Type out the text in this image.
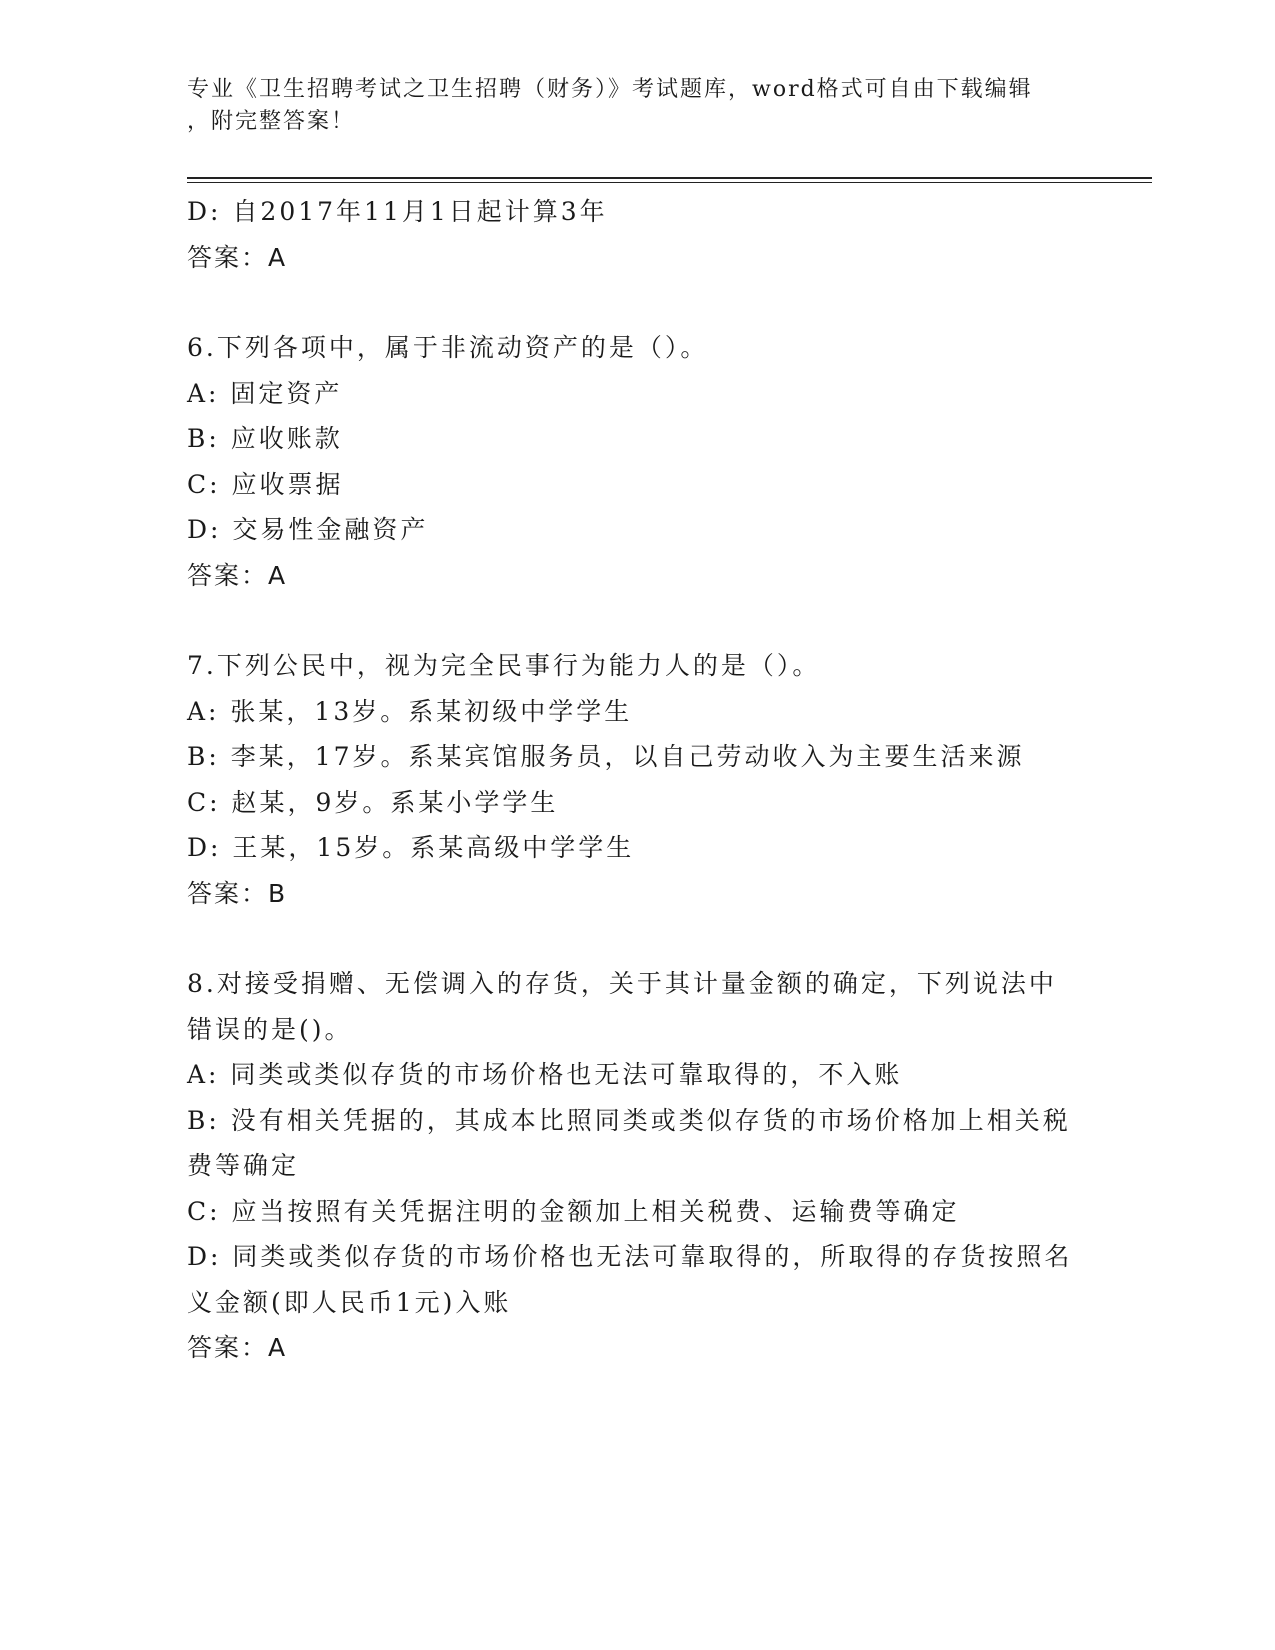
专业《卫生招聘考试之卫生招聘（财务）》考试题库，word格式可自由下载编辑
，附完整答案！
D: 自2017年11月1日起计算3年
答案：A
6.下列各项中，属于非流动资产的是（）。
A: 固定资产
B: 应收账款
C: 应收票据
D: 交易性金融资产
答案：A
7.下列公民中，视为完全民事行为能力人的是（）。
A: 张某，13岁。系某初级中学学生
B: 李某，17岁。系某宾馆服务员，以自己劳动收入为主要生活来源
C: 赵某，9岁。系某小学学生
D: 王某，15岁。系某高级中学学生
答案：B
8.对接受捐赠、无偿调入的存货，关于其计量金额的确定，下列说法中错误的是()。
A: 同类或类似存货的市场价格也无法可靠取得的，不入账
B: 没有相关凭据的，其成本比照同类或类似存货的市场价格加上相关税费等确定
C: 应当按照有关凭据注明的金额加上相关税费、运输费等确定
D: 同类或类似存货的市场价格也无法可靠取得的，所取得的存货按照名义金额(即人民币1元)入账
答案：A
